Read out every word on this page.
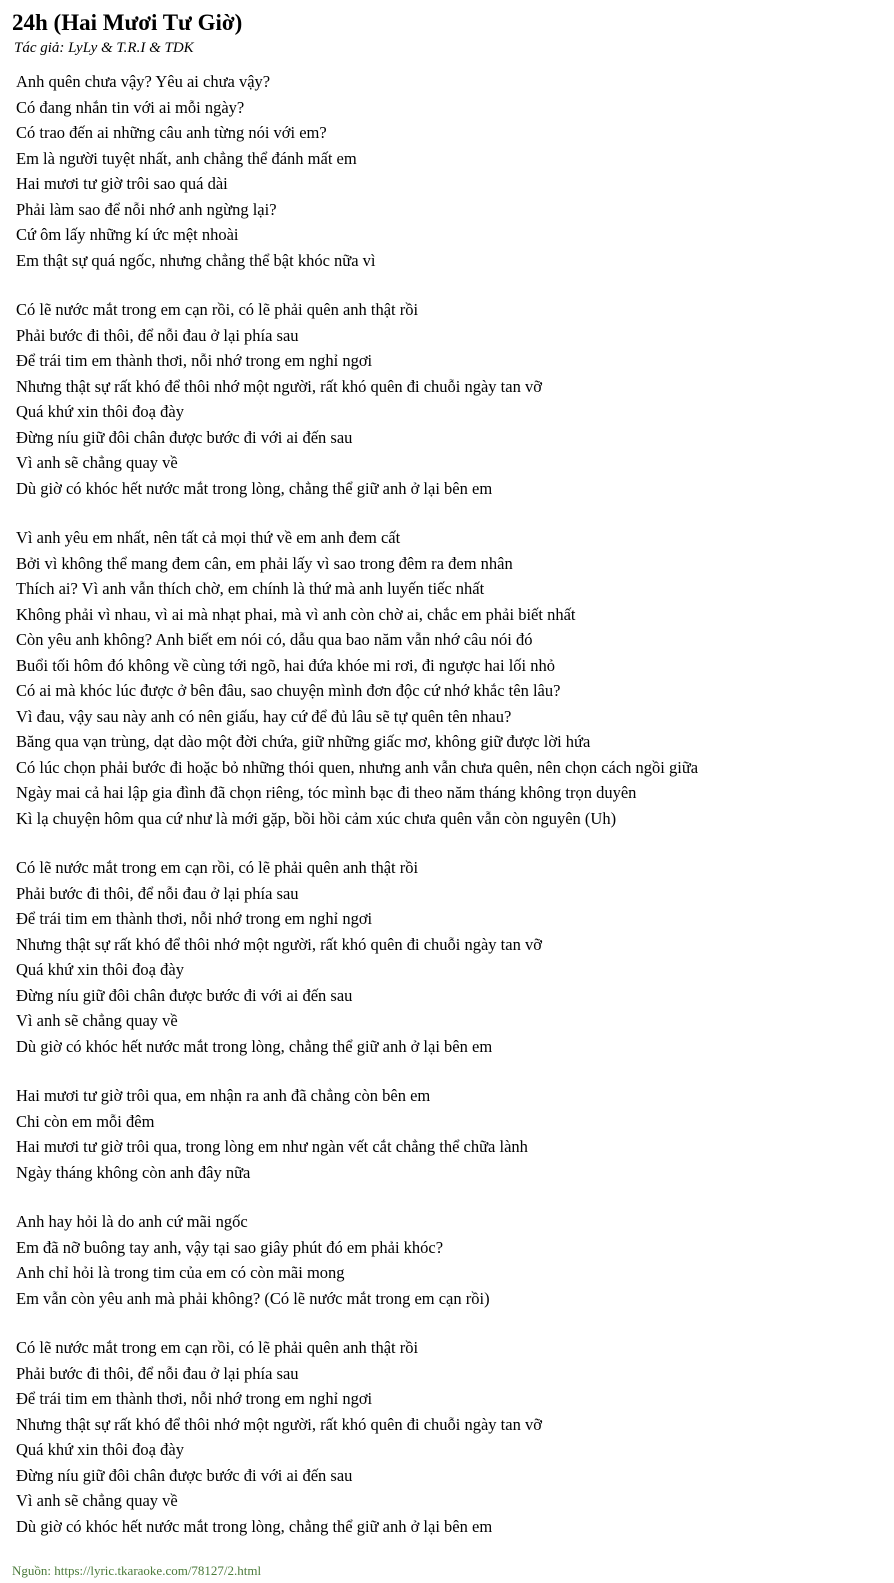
24h (Hai Mươi Tư Giờ)
Tác giả: LyLy & T.R.I & TDK
Anh quên chưa vậy? Yêu ai chưa vậy?
Có đang nhắn tin với ai mỗi ngày?
Có trao đến ai những câu anh từng nói với em?
Em là người tuyệt nhất, anh chẳng thể đánh mất em
Hai mươi tư giờ trôi sao quá dài
Phải làm sao để nỗi nhớ anh ngừng lại?
Cứ ôm lấy những kí ức mệt nhoài
Em thật sự quá ngốc, nhưng chẳng thể bật khóc nữa vì
Có lẽ nước mắt trong em cạn rồi, có lẽ phải quên anh thật rồi
Phải bước đi thôi, để nỗi đau ở lại phía sau
Để trái tim em thành thơi, nỗi nhớ trong em nghỉ ngơi
Nhưng thật sự rất khó để thôi nhớ một người, rất khó quên đi chuỗi ngày tan vỡ
Quá khứ xin thôi đoạ đày
Đừng níu giữ đôi chân được bước đi với ai đến sau
Vì anh sẽ chẳng quay về
Dù giờ có khóc hết nước mắt trong lòng, chẳng thể giữ anh ở lại bên em
Vì anh yêu em nhất, nên tất cả mọi thứ về em anh đem cất
Bởi vì không thể mang đem cân, em phải lấy vì sao trong đêm ra đem nhân
Thích ai? Vì anh vẫn thích chờ, em chính là thứ mà anh luyến tiếc nhất
Không phải vì nhau, vì ai mà nhạt phai, mà vì anh còn chờ ai, chắc em phải biết nhất
Còn yêu anh không? Anh biết em nói có, dẫu qua bao năm vẫn nhớ câu nói đó
Buổi tối hôm đó không về cùng tới ngõ, hai đứa khóe mi rơi, đi ngược hai lối nhỏ
Có ai mà khóc lúc được ở bên đâu, sao chuyện mình đơn độc cứ nhớ khắc tên lâu?
Vì đau, vậy sau này anh có nên giấu, hay cứ để đủ lâu sẽ tự quên tên nhau?
Băng qua vạn trùng, dạt dào một đời chứa, giữ những giấc mơ, không giữ được lời hứa
Có lúc chọn phải bước đi hoặc bỏ những thói quen, nhưng anh vẫn chưa quên, nên chọn cách ngồi giữa
Ngày mai cả hai lập gia đình đã chọn riêng, tóc mình bạc đi theo năm tháng không trọn duyên
Kì lạ chuyện hôm qua cứ như là mới gặp, bồi hồi cảm xúc chưa quên vẫn còn nguyên (Uh)
Có lẽ nước mắt trong em cạn rồi, có lẽ phải quên anh thật rồi
Phải bước đi thôi, để nỗi đau ở lại phía sau
Để trái tim em thành thơi, nỗi nhớ trong em nghỉ ngơi
Nhưng thật sự rất khó để thôi nhớ một người, rất khó quên đi chuỗi ngày tan vỡ
Quá khứ xin thôi đoạ đày
Đừng níu giữ đôi chân được bước đi với ai đến sau
Vì anh sẽ chẳng quay về
Dù giờ có khóc hết nước mắt trong lòng, chẳng thể giữ anh ở lại bên em
Hai mươi tư giờ trôi qua, em nhận ra anh đã chẳng còn bên em
Chi còn em mỗi đêm
Hai mươi tư giờ trôi qua, trong lòng em như ngàn vết cắt chẳng thể chữa lành
Ngày tháng không còn anh đây nữa
Anh hay hỏi là do anh cứ mãi ngốc
Em đã nỡ buông tay anh, vậy tại sao giây phút đó em phải khóc?
Anh chỉ hỏi là trong tim của em có còn mãi mong
Em vẫn còn yêu anh mà phải không? (Có lẽ nước mắt trong em cạn rồi)
Có lẽ nước mắt trong em cạn rồi, có lẽ phải quên anh thật rồi
Phải bước đi thôi, để nỗi đau ở lại phía sau
Để trái tim em thành thơi, nỗi nhớ trong em nghỉ ngơi
Nhưng thật sự rất khó để thôi nhớ một người, rất khó quên đi chuỗi ngày tan vỡ
Quá khứ xin thôi đoạ đày
Đừng níu giữ đôi chân được bước đi với ai đến sau
Vì anh sẽ chẳng quay về
Dù giờ có khóc hết nước mắt trong lòng, chẳng thể giữ anh ở lại bên em
Nguồn: https://lyric.tkaraoke.com/78127/2.html
